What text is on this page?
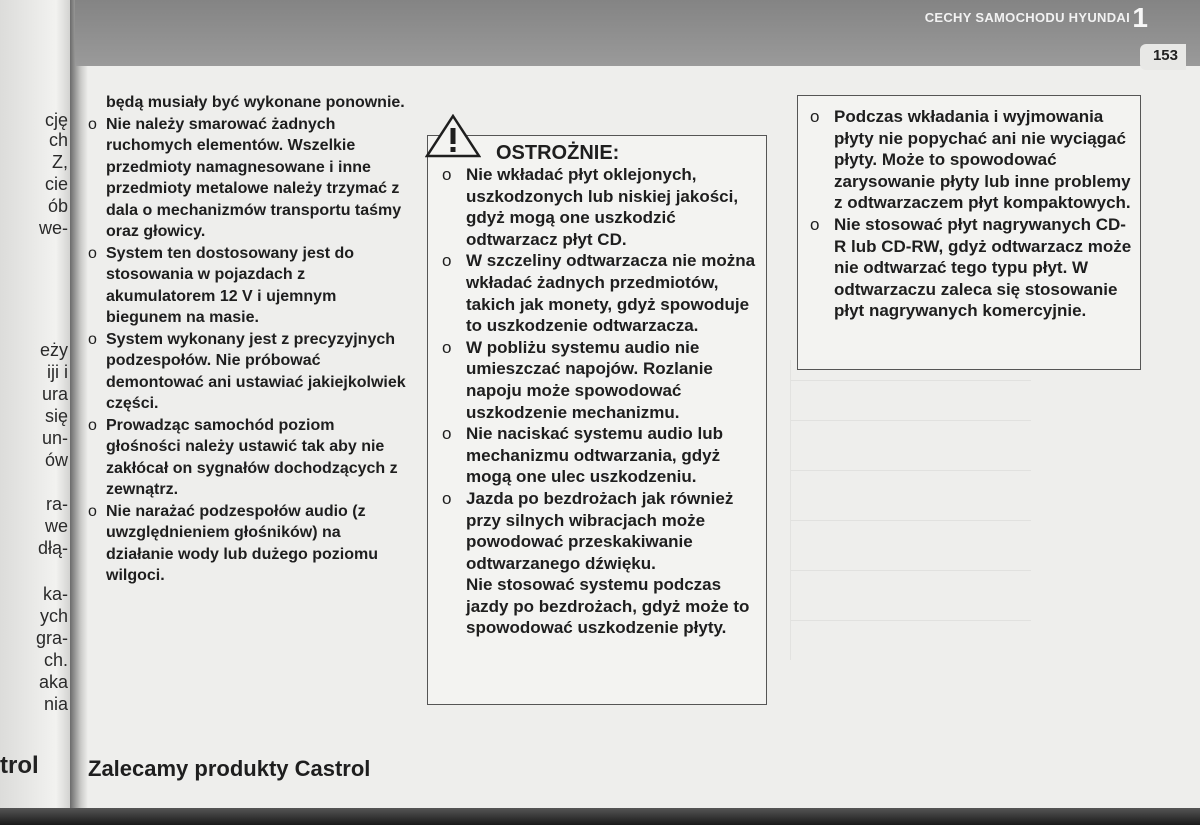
cję
ch
Z,
cie
ób
we-
eży
iji i
ura
się
un-
ów
ra-
we
dłą-
ka-
ych
gra-
ch.
aka
nia
trol
CECHY SAMOCHODU HYUNDAI 1
153

będą musiały być wykonane ponownie.

o Nie należy smarować żadnych ruchomych elementów. Wszelkie przedmioty namagnesowane i inne przedmioty metalowe należy trzymać z dala o mechanizmów transportu taśmy oraz głowicy.
o System ten dostosowany jest do stosowania w pojazdach z akumulatorem 12 V i ujemnym biegunem na masie.
o System wykonany jest z precyzyjnych podzespołów. Nie próbować demontować ani ustawiać jakiejkolwiek części.
o Prowadząc samochód poziom głośności należy ustawić tak aby nie zakłócał on sygnałów dochodzących z zewnątrz.
o Nie narażać podzespołów audio (z uwzględnieniem głośników) na działanie wody lub dużego poziomu wilgoci.
OSTROŻNIE:
o Nie wkładać płyt oklejonych, uszkodzonych lub niskiej jakości, gdyż mogą one uszkodzić odtwarzacz płyt CD.
o W szczeliny odtwarzacza nie można wkładać żadnych przedmiotów, takich jak monety, gdyż spowoduje to uszkodzenie odtwarzacza.
o W pobliżu systemu audio nie umieszczać napojów. Rozlanie napoju może spowodować uszkodzenie mechanizmu.
o Nie naciskać systemu audio lub mechanizmu odtwarzania, gdyż mogą one ulec uszkodzeniu.
o Jazda po bezdrożach jak również przy silnych wibracjach może powodować przeskakiwanie odtwarzanego dźwięku.
Nie stosować systemu podczas jazdy po bezdrożach, gdyż może to spowodować uszkodzenie płyty.
o Podczas wkładania i wyjmowania płyty nie popychać ani nie wyciągać płyty. Może to spowodować zarysowanie płyty lub inne problemy z odtwarzaczem płyt kompaktowych.
o Nie stosować płyt nagrywanych CD-R lub CD-RW, gdyż odtwarzacz może nie odtwarzać tego typu płyt. W odtwarzaczu zaleca się stosowanie płyt nagrywanych komercyjnie.
Zalecamy produkty Castrol
